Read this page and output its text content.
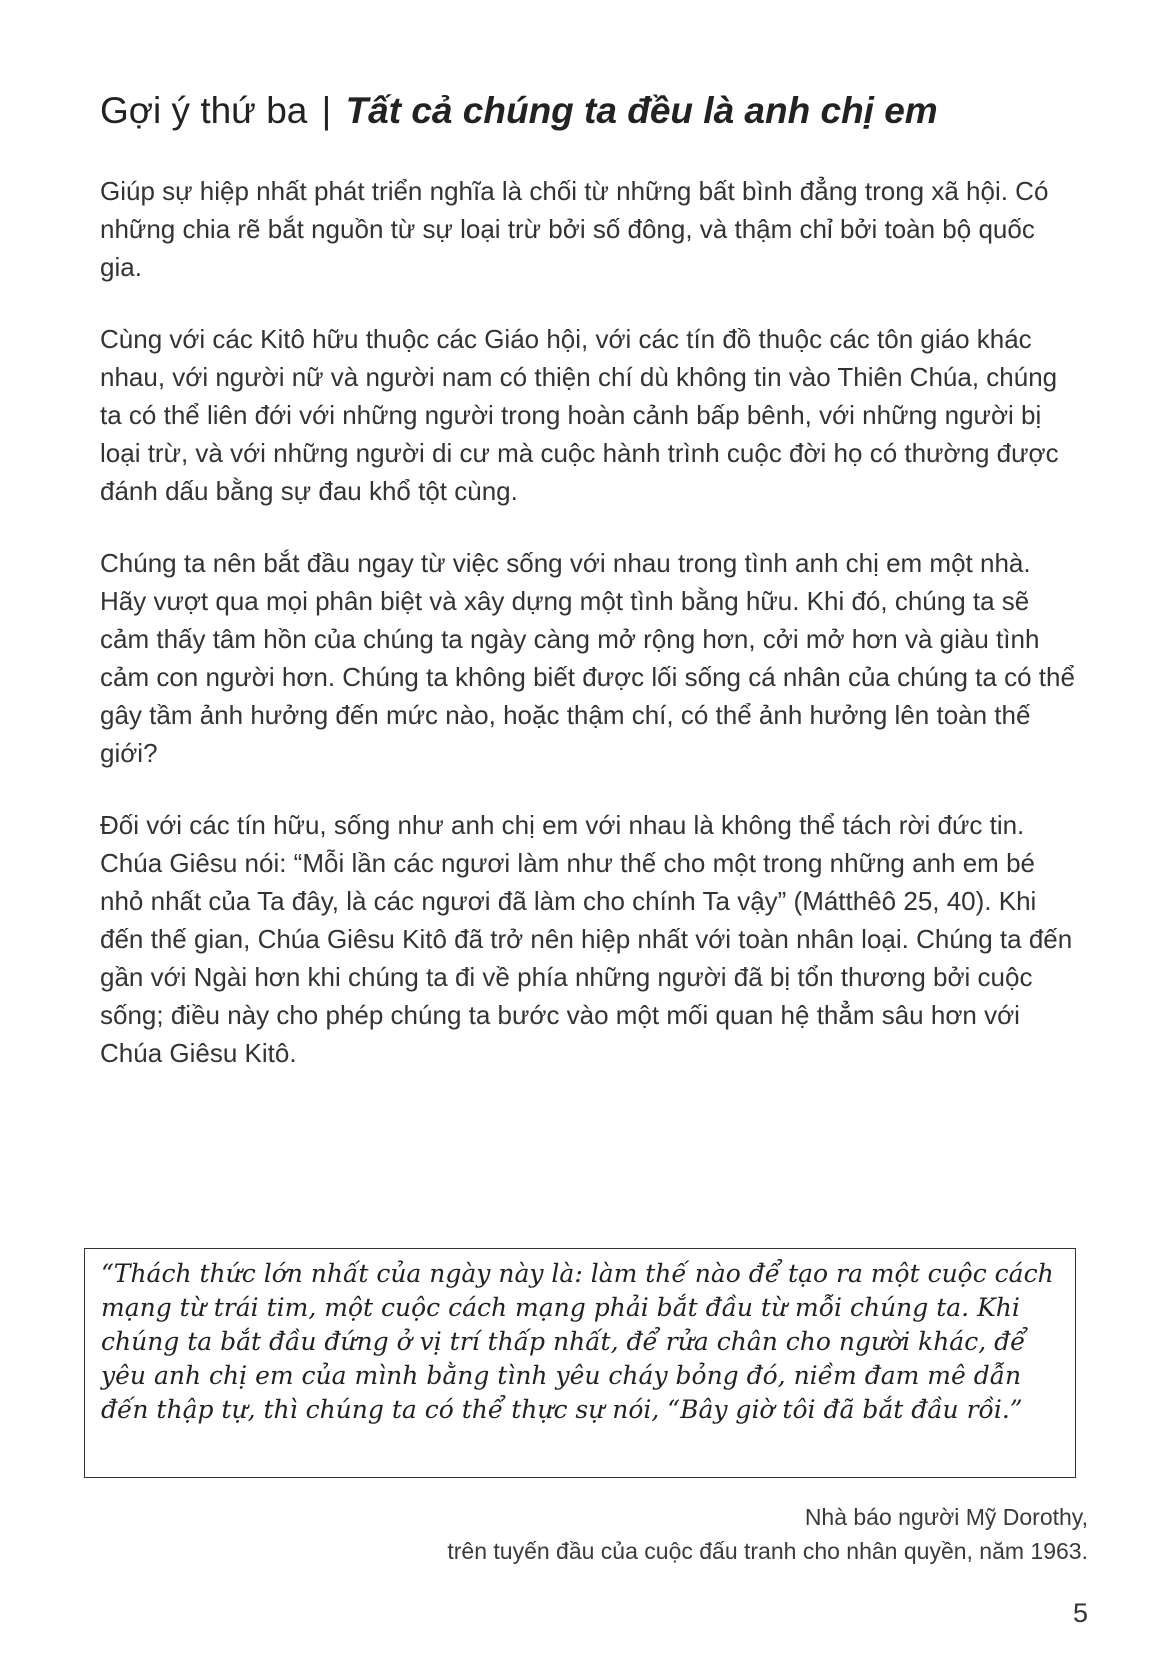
Gợi ý thứ ba | Tất cả chúng ta đều là anh chị em

Giúp sự hiệp nhất phát triển nghĩa là chối từ những bất bình đẳng trong xã hội. Có những chia rẽ bắt nguồn từ sự loại trừ bởi số đông, và thậm chỉ bởi toàn bộ quốc gia.

Cùng với các Kitô hữu thuộc các Giáo hội, với các tín đồ thuộc các tôn giáo khác nhau, với người nữ và người nam có thiện chí dù không tin vào Thiên Chúa, chúng ta có thể liên đới với những người trong hoàn cảnh bấp bênh, với những người bị loại trừ, và với những người di cư mà cuộc hành trình cuộc đời họ có thường được đánh dấu bằng sự đau khổ tột cùng.

Chúng ta nên bắt đầu ngay từ việc sống với nhau trong tình anh chị em một nhà. Hãy vượt qua mọi phân biệt và xây dựng một tình bằng hữu. Khi đó, chúng ta sẽ cảm thấy tâm hồn của chúng ta ngày càng mở rộng hơn, cởi mở hơn và giàu tình cảm con người hơn. Chúng ta không biết được lối sống cá nhân của chúng ta có thể gây tầm ảnh hưởng đến mức nào, hoặc thậm chí, có thể ảnh hưởng lên toàn thế giới?

Đối với các tín hữu, sống như anh chị em với nhau là không thể tách rời đức tin. Chúa Giêsu nói: “Mỗi lần các ngươi làm như thế cho một trong những anh em bé nhỏ nhất của Ta đây, là các ngươi đã làm cho chính Ta vậy” (Mátthêô 25, 40). Khi đến thế gian, Chúa Giêsu Kitô đã trở nên hiệp nhất với toàn nhân loại. Chúng ta đến gần với Ngài hơn khi chúng ta đi về phía những người đã bị tổn thương bởi cuộc sống; điều này cho phép chúng ta bước vào một mối quan hệ thẳm sâu hơn với Chúa Giêsu Kitô.

“Thách thức lớn nhất của ngày này là: làm thế nào để tạo ra một cuộc cách mạng từ trái tim, một cuộc cách mạng phải bắt đầu từ mỗi chúng ta. Khi chúng ta bắt đầu đứng ở vị trí thấp nhất, để rửa chân cho người khác, để yêu anh chị em của mình bằng tình yêu cháy bỏng đó, niềm đam mê dẫn đến thập tự, thì chúng ta có thể thực sự nói, “Bây giờ tôi đã bắt đầu rồi.”

Nhà báo người Mỹ Dorothy,
trên tuyến đầu của cuộc đấu tranh cho nhân quyền, năm 1963.
5
